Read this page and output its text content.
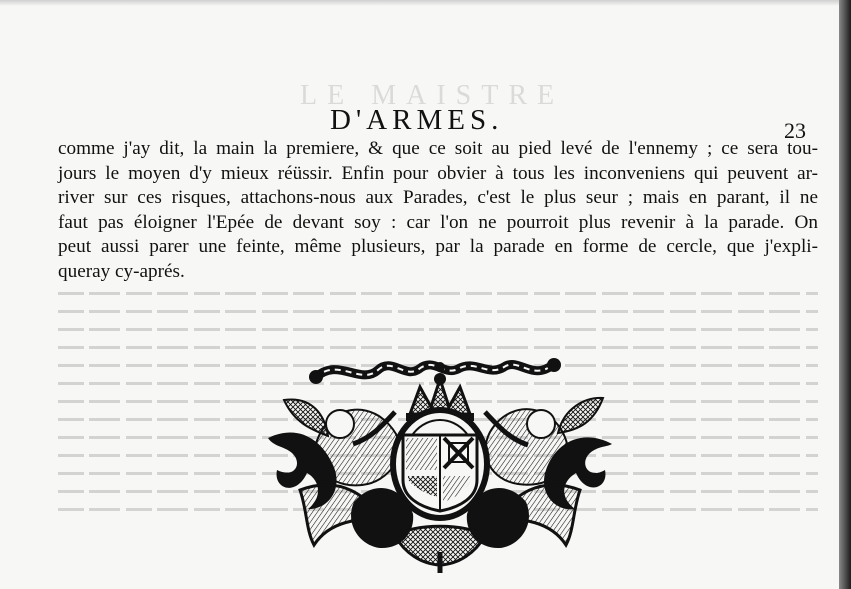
LE MAISTRE
D'ARMES.	23
comme j'ay dit, la main la premiere, & que ce soit au pied levé de l'ennemy ; ce sera tou-
jours le moyen d'y mieux réüssir. Enfin pour obvier à tous les inconveniens qui peuvent ar-
river sur ces risques, attachons-nous aux Parades, c'est le plus seur ; mais en parant, il ne
faut pas éloigner l'Epée de devant soy : car l'on ne pourroit plus revenir à la parade. On
peut aussi parer une feinte, même plusieurs, par la parade en forme de cercle, que j'expli-
queray cy-aprés.
